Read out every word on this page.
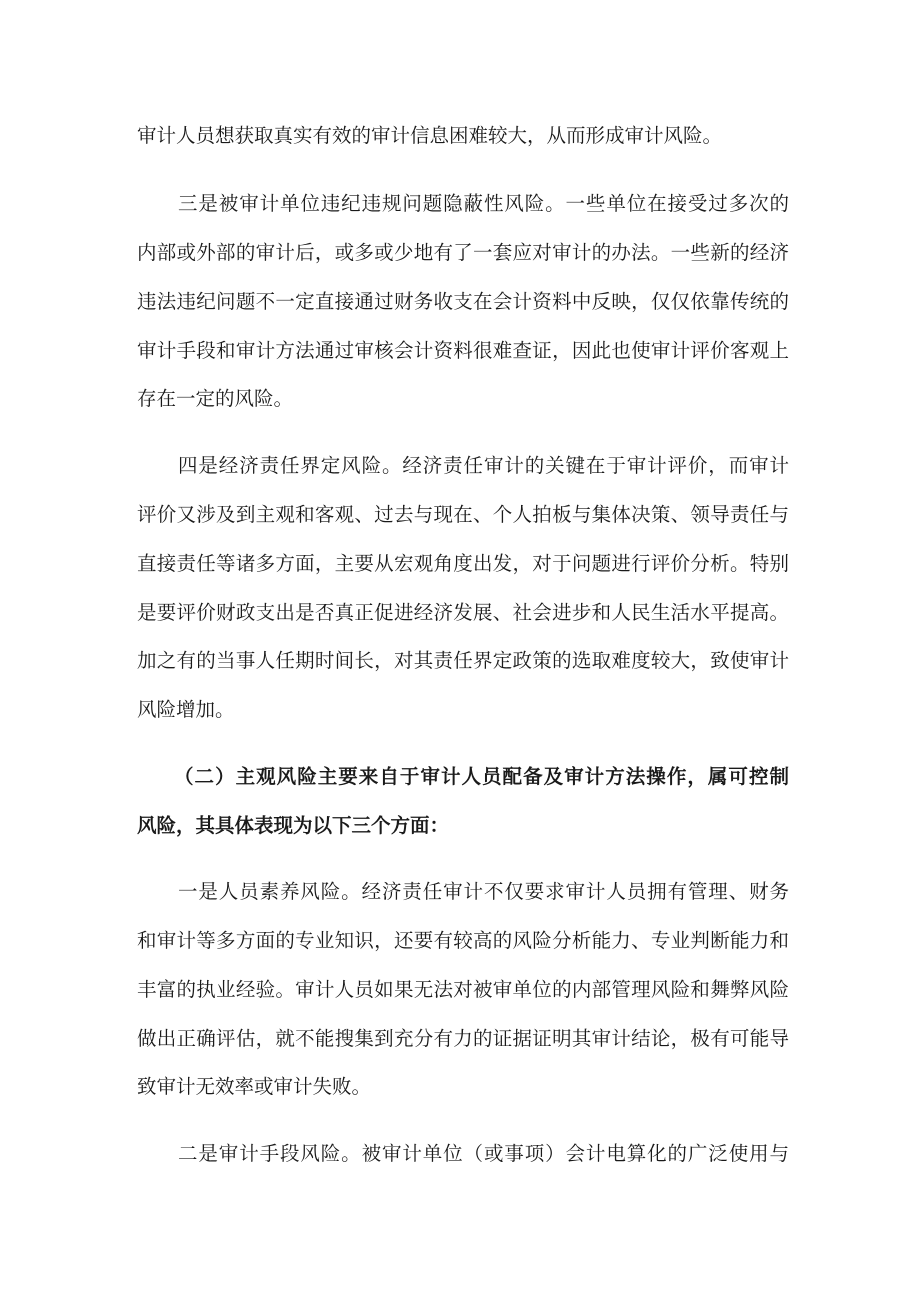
审计人员想获取真实有效的审计信息困难较大，从而形成审计风险。
三是被审计单位违纪违规问题隐蔽性风险。一些单位在接受过多次的
内部或外部的审计后，或多或少地有了一套应对审计的办法。一些新的经济
违法违纪问题不一定直接通过财务收支在会计资料中反映，仅仅依靠传统的
审计手段和审计方法通过审核会计资料很难查证，因此也使审计评价客观上
存在一定的风险。
四是经济责任界定风险。经济责任审计的关键在于审计评价，而审计
评价又涉及到主观和客观、过去与现在、个人拍板与集体决策、领导责任与
直接责任等诸多方面，主要从宏观角度出发，对于问题进行评价分析。特别
是要评价财政支出是否真正促进经济发展、社会进步和人民生活水平提高。
加之有的当事人任期时间长，对其责任界定政策的选取难度较大，致使审计
风险增加。
（二）主观风险主要来自于审计人员配备及审计方法操作，属可控制
风险，其具体表现为以下三个方面：
一是人员素养风险。经济责任审计不仅要求审计人员拥有管理、财务
和审计等多方面的专业知识，还要有较高的风险分析能力、专业判断能力和
丰富的执业经验。审计人员如果无法对被审单位的内部管理风险和舞弊风险
做出正确评估，就不能搜集到充分有力的证据证明其审计结论，极有可能导
致审计无效率或审计失败。
二是审计手段风险。被审计单位（或事项）会计电算化的广泛使用与
